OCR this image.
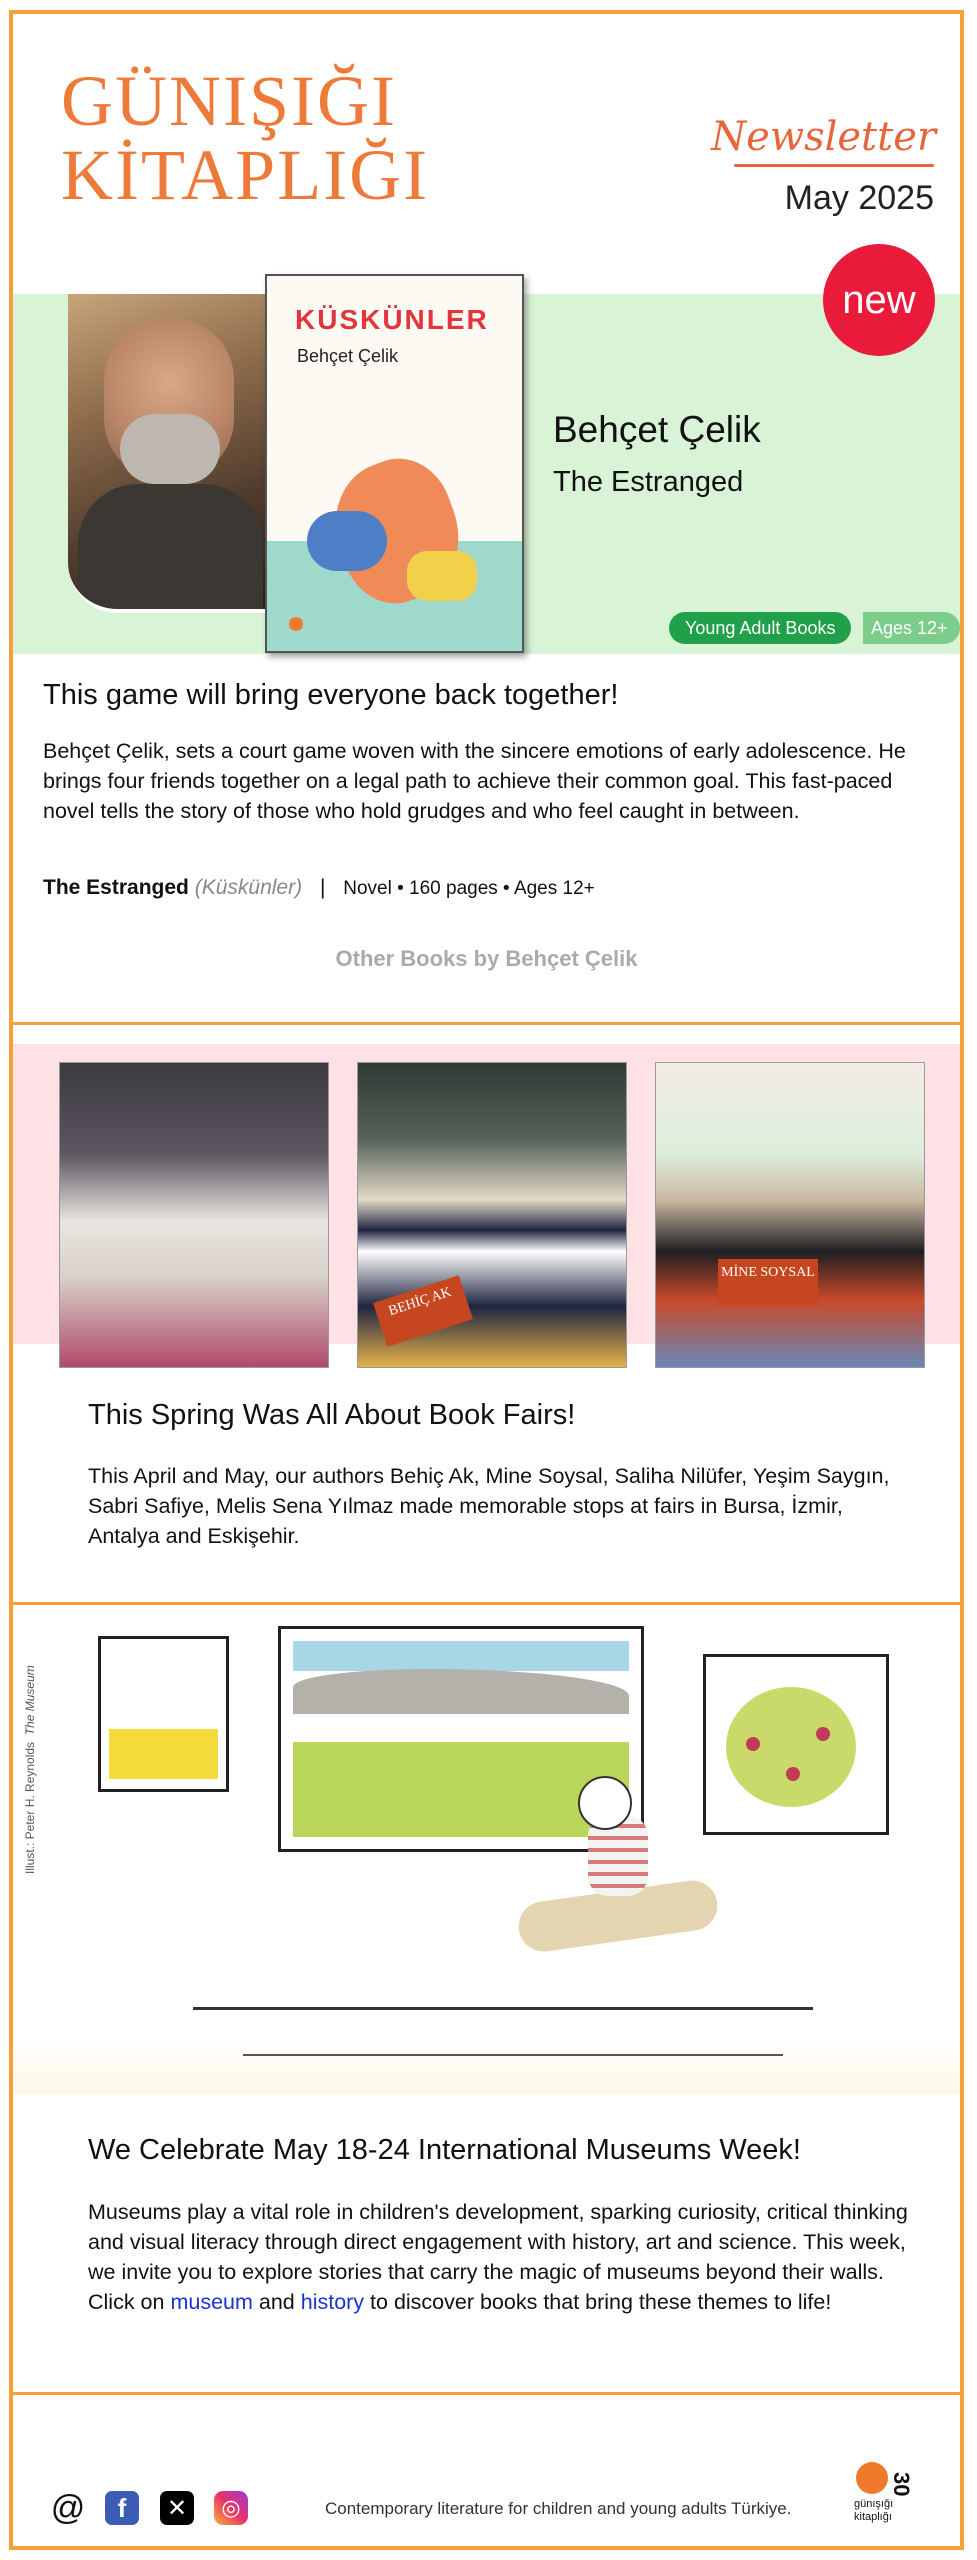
GÜNIŞIĞI
KİTAPLIĞI	Newsletter
May 2025
KÜSKÜNLER
Behçet Çelik
Behçet Çelik
The Estranged
new
Young Adult Books	Ages 12+
This game will bring everyone back together!
Behçet Çelik, sets a court game woven with the sincere emotions of early adolescence. He brings four friends together on a legal path to achieve their common goal. This fast-paced novel tells the story of those who hold grudges and who feel caught in between.
The Estranged (Küskünler) | Novel • 160 pages • Ages 12+
Other Books by Behçet Çelik
BEHİÇ AK
MİNE SOYSAL
This Spring Was All About Book Fairs!
This April and May, our authors Behiç Ak, Mine Soysal, Saliha Nilüfer, Yeşim Saygın, Sabri Safiye, Melis Sena Yılmaz made memorable stops at fairs in Bursa, İzmir, Antalya and Eskişehir.
Illust.: Peter H. Reynolds  The Museum
We Celebrate May 18-24 International Museums Week!
Museums play a vital role in children's development, sparking curiosity, critical thinking and visual literacy through direct engagement with history, art and science. This week, we invite you to explore stories that carry the magic of museums beyond their walls. Click on museum and history to discover books that bring these themes to life!
@	f	✕	◎	Contemporary literature for children and young adults Türkiye.	günışığı
kitaplığı
30
